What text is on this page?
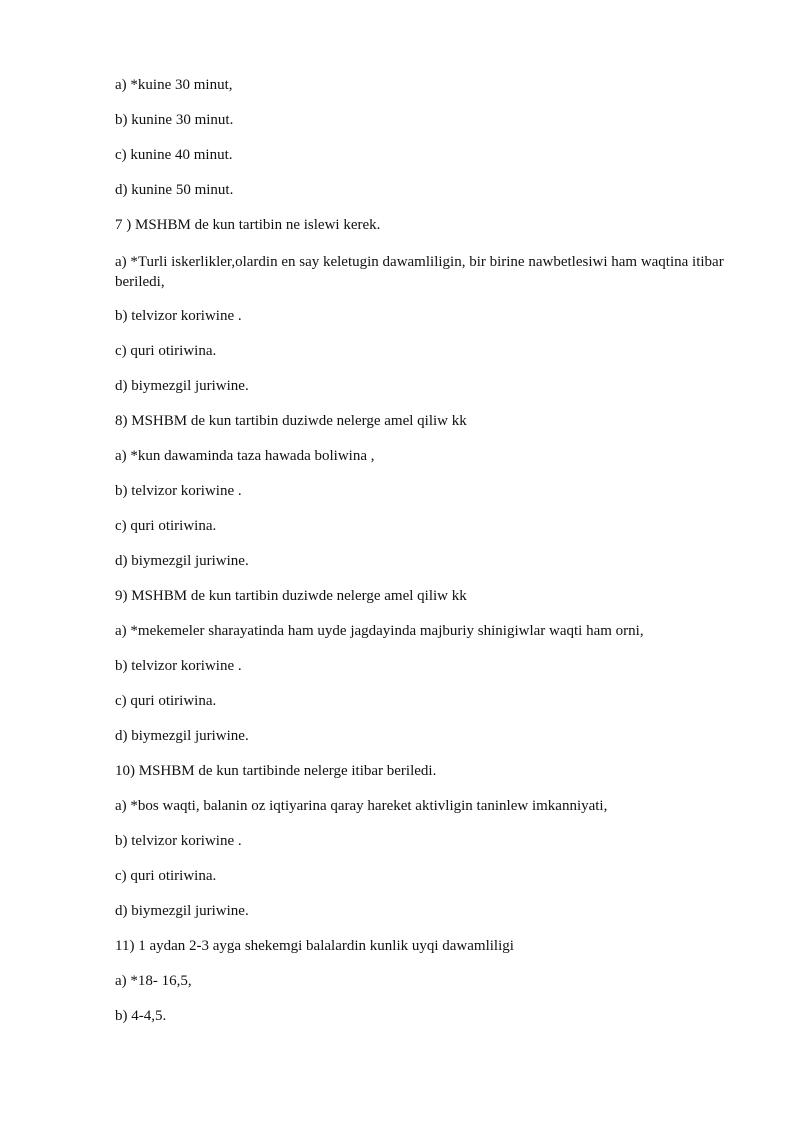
a) *kuine 30 minut,

b) kunine 30 minut.

c) kunine 40 minut.

d) kunine 50 minut.

7 ) MSHBM de kun tartibin ne islewi kerek.

a) *Turli iskerlikler,olardin en say keletugin dawamliligin, bir birine nawbetlesiwi ham waqtina itibar beriledi,

b) telvizor koriwine .

c) quri otiriwina.

d) biymezgil juriwine.

8) MSHBM de kun tartibin duziwde nelerge amel qiliw kk

a) *kun dawaminda taza hawada boliwina ,

b) telvizor koriwine .

c) quri otiriwina.

d) biymezgil juriwine.

9) MSHBM de kun tartibin duziwde nelerge amel qiliw kk

a) *mekemeler sharayatinda ham uyde jagdayinda majburiy shinigiwlar waqti ham orni,

b) telvizor koriwine .

c) quri otiriwina.

d) biymezgil juriwine.

10) MSHBM de kun tartibinde nelerge itibar beriledi.

a) *bos waqti, balanin oz iqtiyarina qaray hareket aktivligin taninlew imkanniyati,

b) telvizor koriwine .

c) quri otiriwina.

d) biymezgil juriwine.

11) 1 aydan 2-3 ayga shekemgi balalardin kunlik uyqi dawamliligi

a) *18- 16,5,

b) 4-4,5.
